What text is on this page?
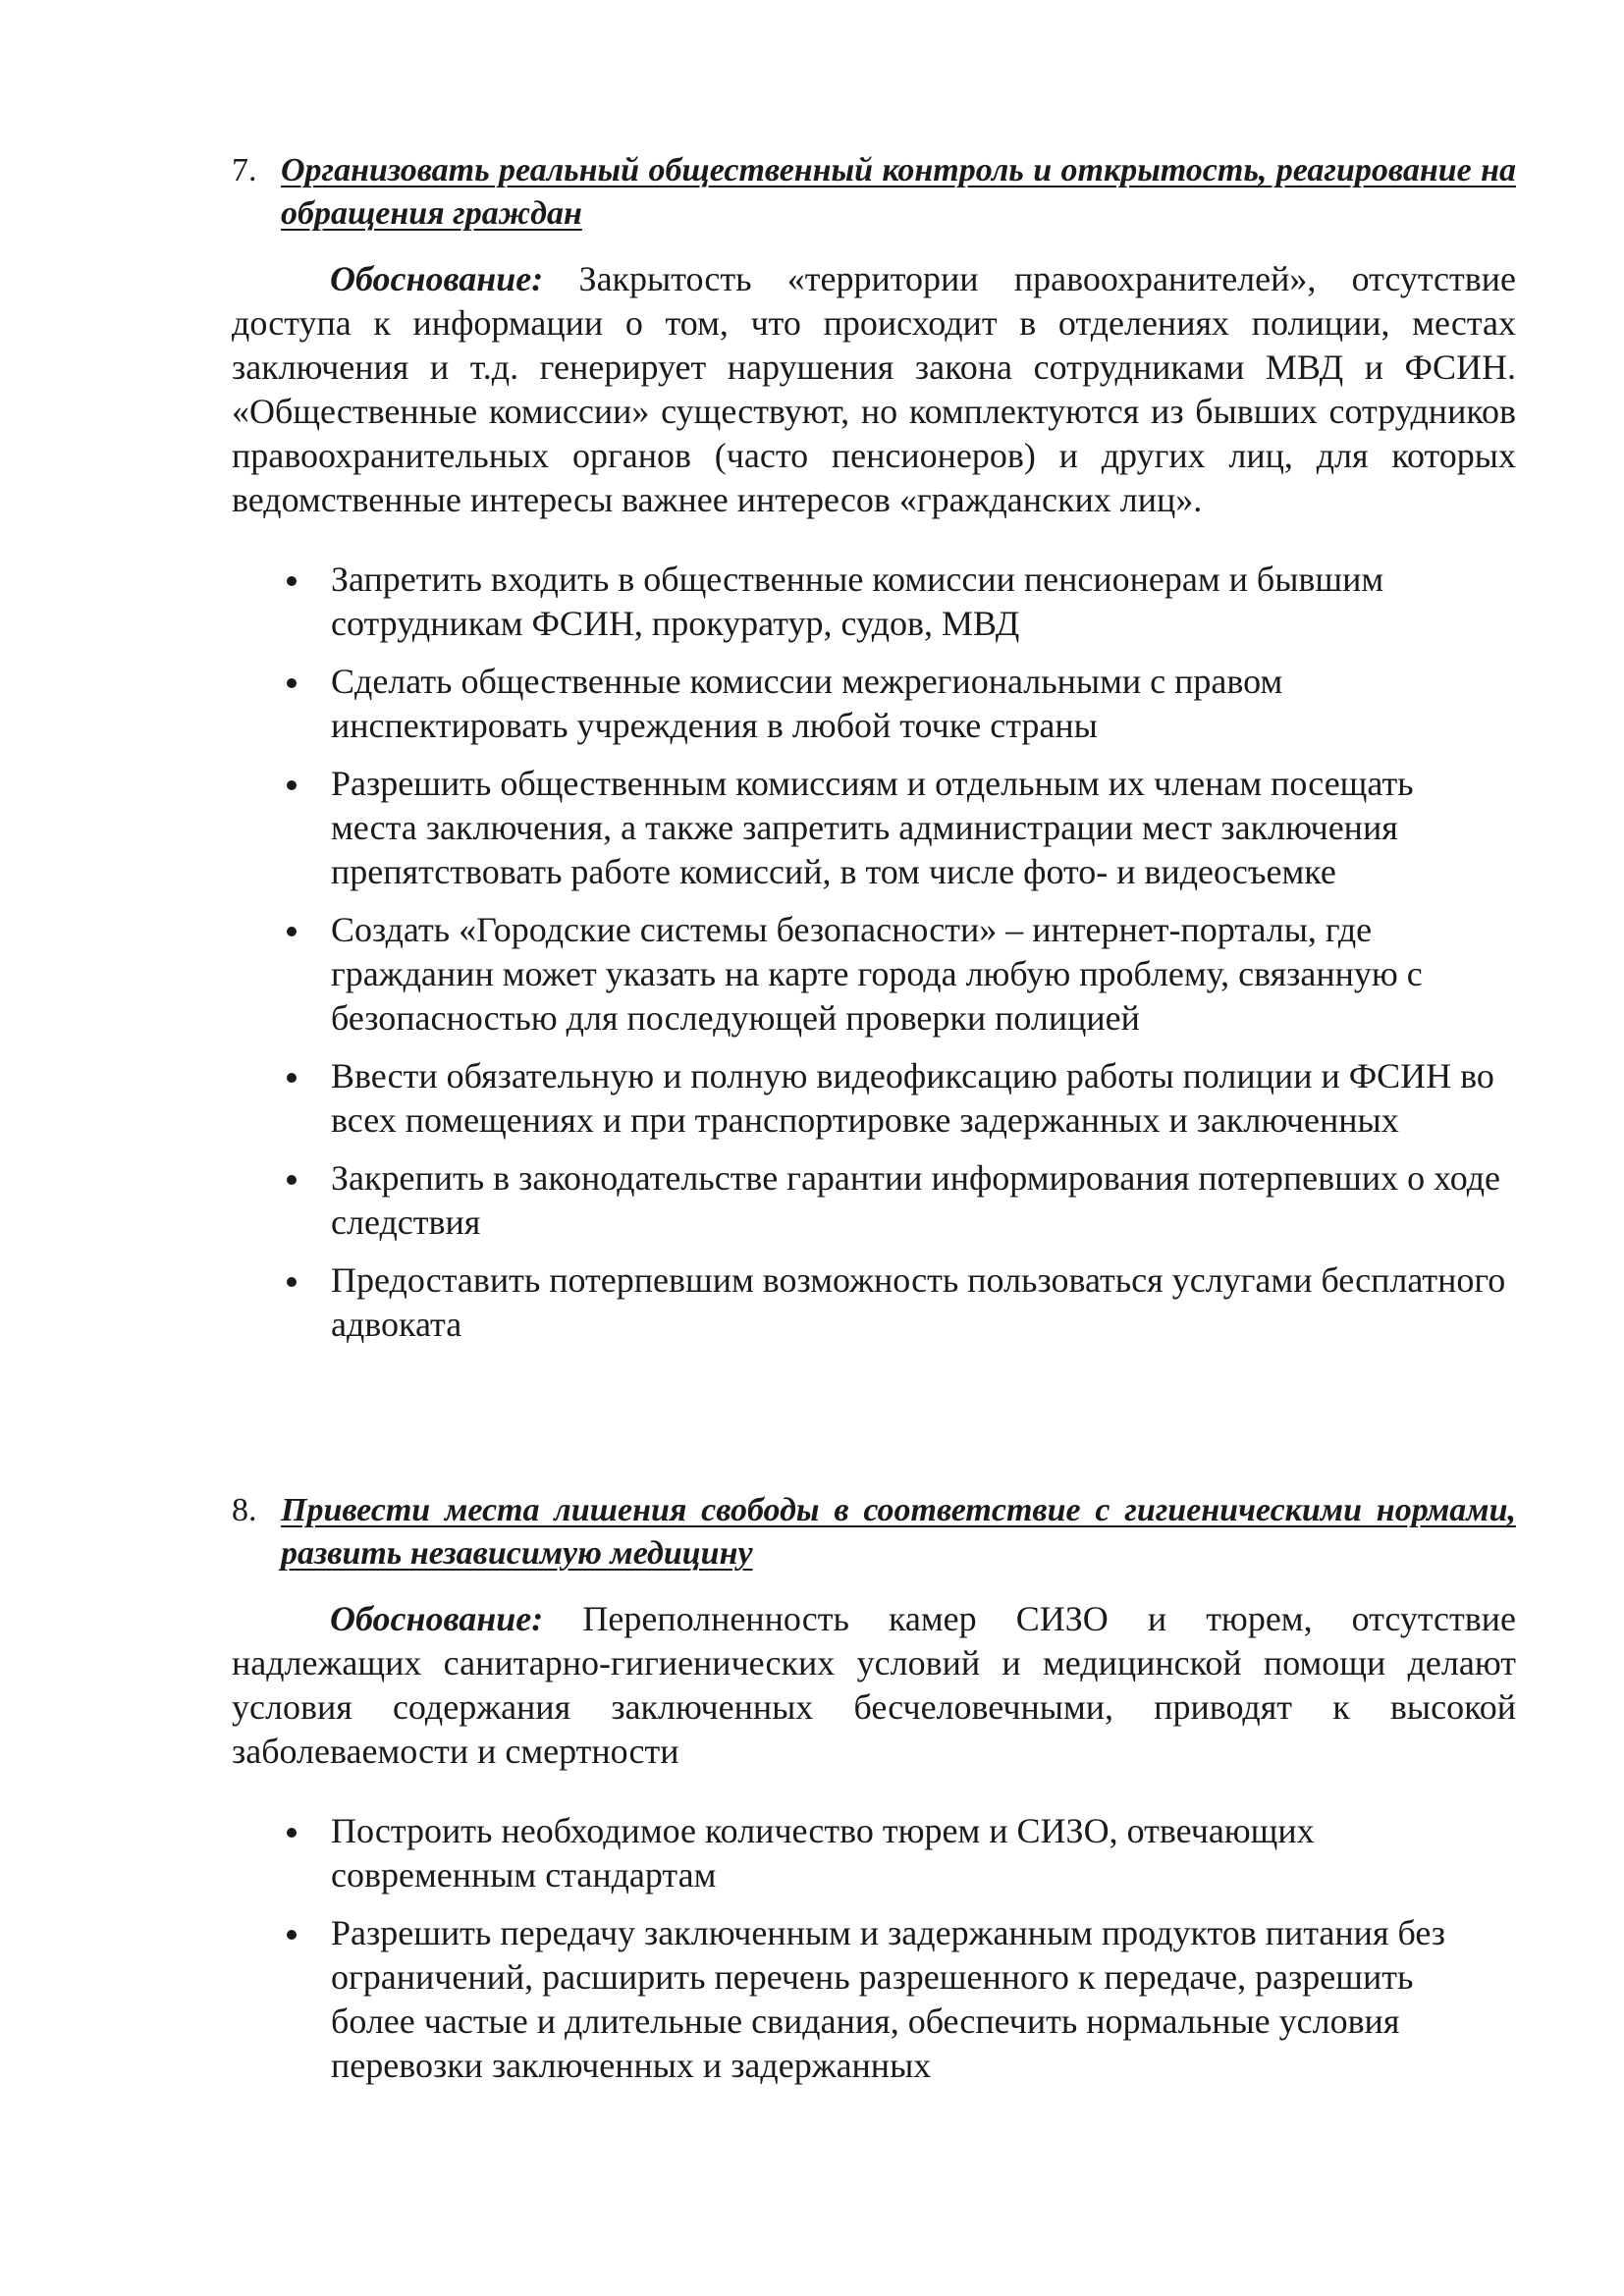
7. Организовать реальный общественный контроль и открытость, реагирование на обращения граждан

Обоснование: Закрытость «территории правоохранителей», отсутствие доступа к информации о том, что происходит в отделениях полиции, местах заключения и т.д. генерирует нарушения закона сотрудниками МВД и ФСИН. «Общественные комиссии» существуют, но комплектуются из бывших сотрудников правоохранительных органов (часто пенсионеров) и других лиц, для которых ведомственные интересы важнее интересов «гражданских лиц».

Запретить входить в общественные комиссии пенсионерам и бывшим сотрудникам ФСИН, прокуратур, судов, МВД
Сделать общественные комиссии межрегиональными с правом инспектировать учреждения в любой точке страны
Разрешить общественным комиссиям и отдельным их членам посещать места заключения, а также запретить администрации мест заключения препятствовать работе комиссий, в том числе фото- и видеосъемке
Создать «Городские системы безопасности» – интернет-порталы, где гражданин может указать на карте города любую проблему, связанную с безопасностью для последующей проверки полицией
Ввести обязательную и полную видеофиксацию работы полиции и ФСИН во всех помещениях и при транспортировке задержанных и заключенных
Закрепить в законодательстве гарантии информирования потерпевших о ходе следствия
Предоставить потерпевшим возможность пользоваться услугами бесплатного адвоката
8. Привести места лишения свободы в соответствие с гигиеническими нормами, развить независимую медицину

Обоснование: Переполненность камер СИЗО и тюрем, отсутствие надлежащих санитарно-гигиенических условий и медицинской помощи делают условия содержания заключенных бесчеловечными, приводят к высокой заболеваемости и смертности

Построить необходимое количество тюрем и СИЗО, отвечающих современным стандартам
Разрешить передачу заключенным и задержанным продуктов питания без ограничений, расширить перечень разрешенного к передаче, разрешить более частые и длительные свидания, обеспечить нормальные условия перевозки заключенных и задержанных
